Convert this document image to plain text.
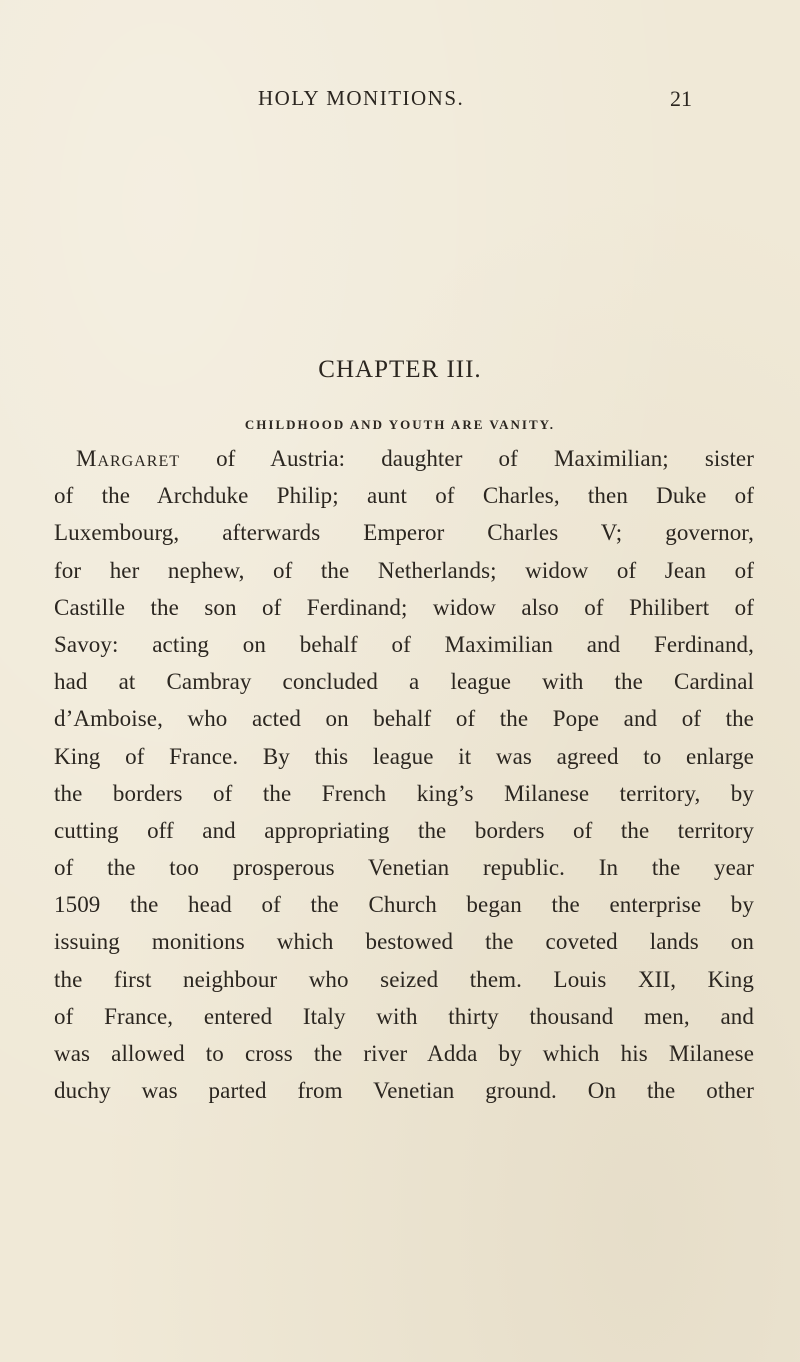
HOLY MONITIONS.	21
CHAPTER III.
CHILDHOOD AND YOUTH ARE VANITY.
Margaret of Austria: daughter of Maximilian; sister
of the Archduke Philip; aunt of Charles, then Duke of
Luxembourg, afterwards Emperor Charles V; governor,
for her nephew, of the Netherlands; widow of Jean of
Castille the son of Ferdinand; widow also of Philibert of
Savoy: acting on behalf of Maximilian and Ferdinand,
had at Cambray concluded a league with the Cardinal
d’Amboise, who acted on behalf of the Pope and of the
King of France. By this league it was agreed to enlarge
the borders of the French king’s Milanese territory, by
cutting off and appropriating the borders of the territory
of the too prosperous Venetian republic. In the year
1509 the head of the Church began the enterprise by
issuing monitions which bestowed the coveted lands on
the first neighbour who seized them. Louis XII, King
of France, entered Italy with thirty thousand men, and
was allowed to cross the river Adda by which his Milanese
duchy was parted from Venetian ground. On the other
